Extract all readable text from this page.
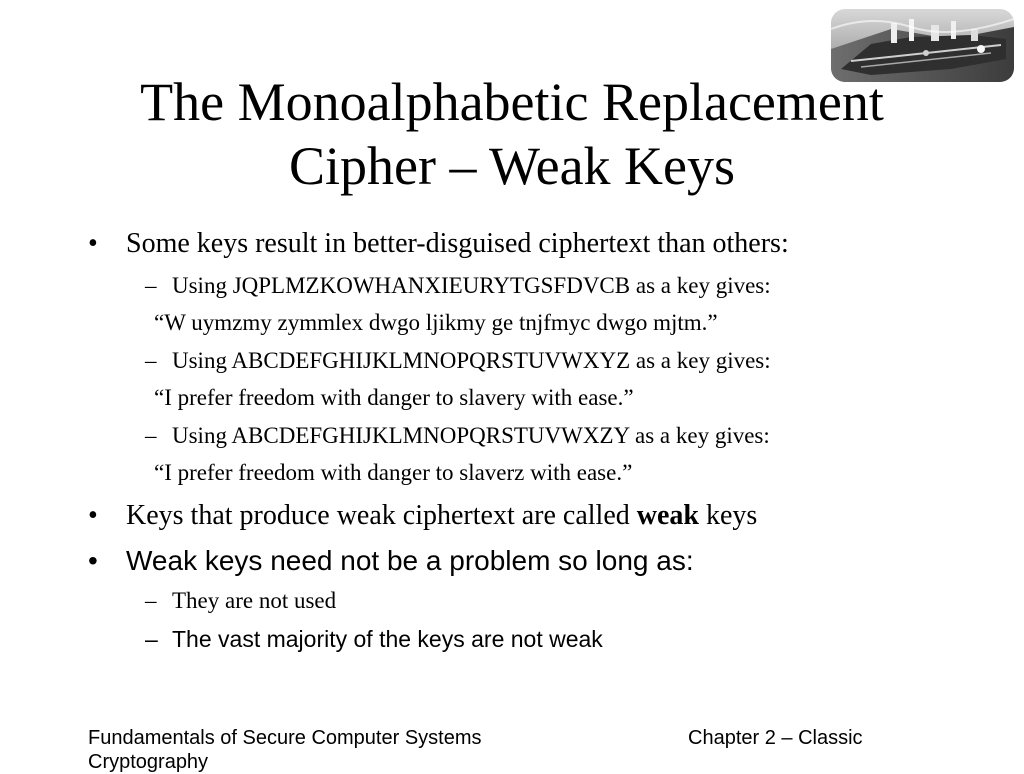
The Monoalphabetic Replacement
Cipher – Weak Keys
• Some keys result in better-disguised ciphertext than others:
– Using JQPLMZKOWHANXIEURYTGSFDVCB as a key gives:
“W uymzmy zymmlex dwgo ljikmy ge tnjfmyc dwgo mjtm.”
– Using ABCDEFGHIJKLMNOPQRSTUVWXYZ as a key gives:
“I prefer freedom with danger to slavery with ease.”
– Using ABCDEFGHIJKLMNOPQRSTUVWXZY as a key gives:
“I prefer freedom with danger to slaverz with ease.”
• Keys that produce weak ciphertext are called weak keys
• Weak keys need not be a problem so long as:
– They are not used
– The vast majority of the keys are not weak
Fundamentals of Secure Computer Systems
Cryptography
Chapter 2 – Classic
